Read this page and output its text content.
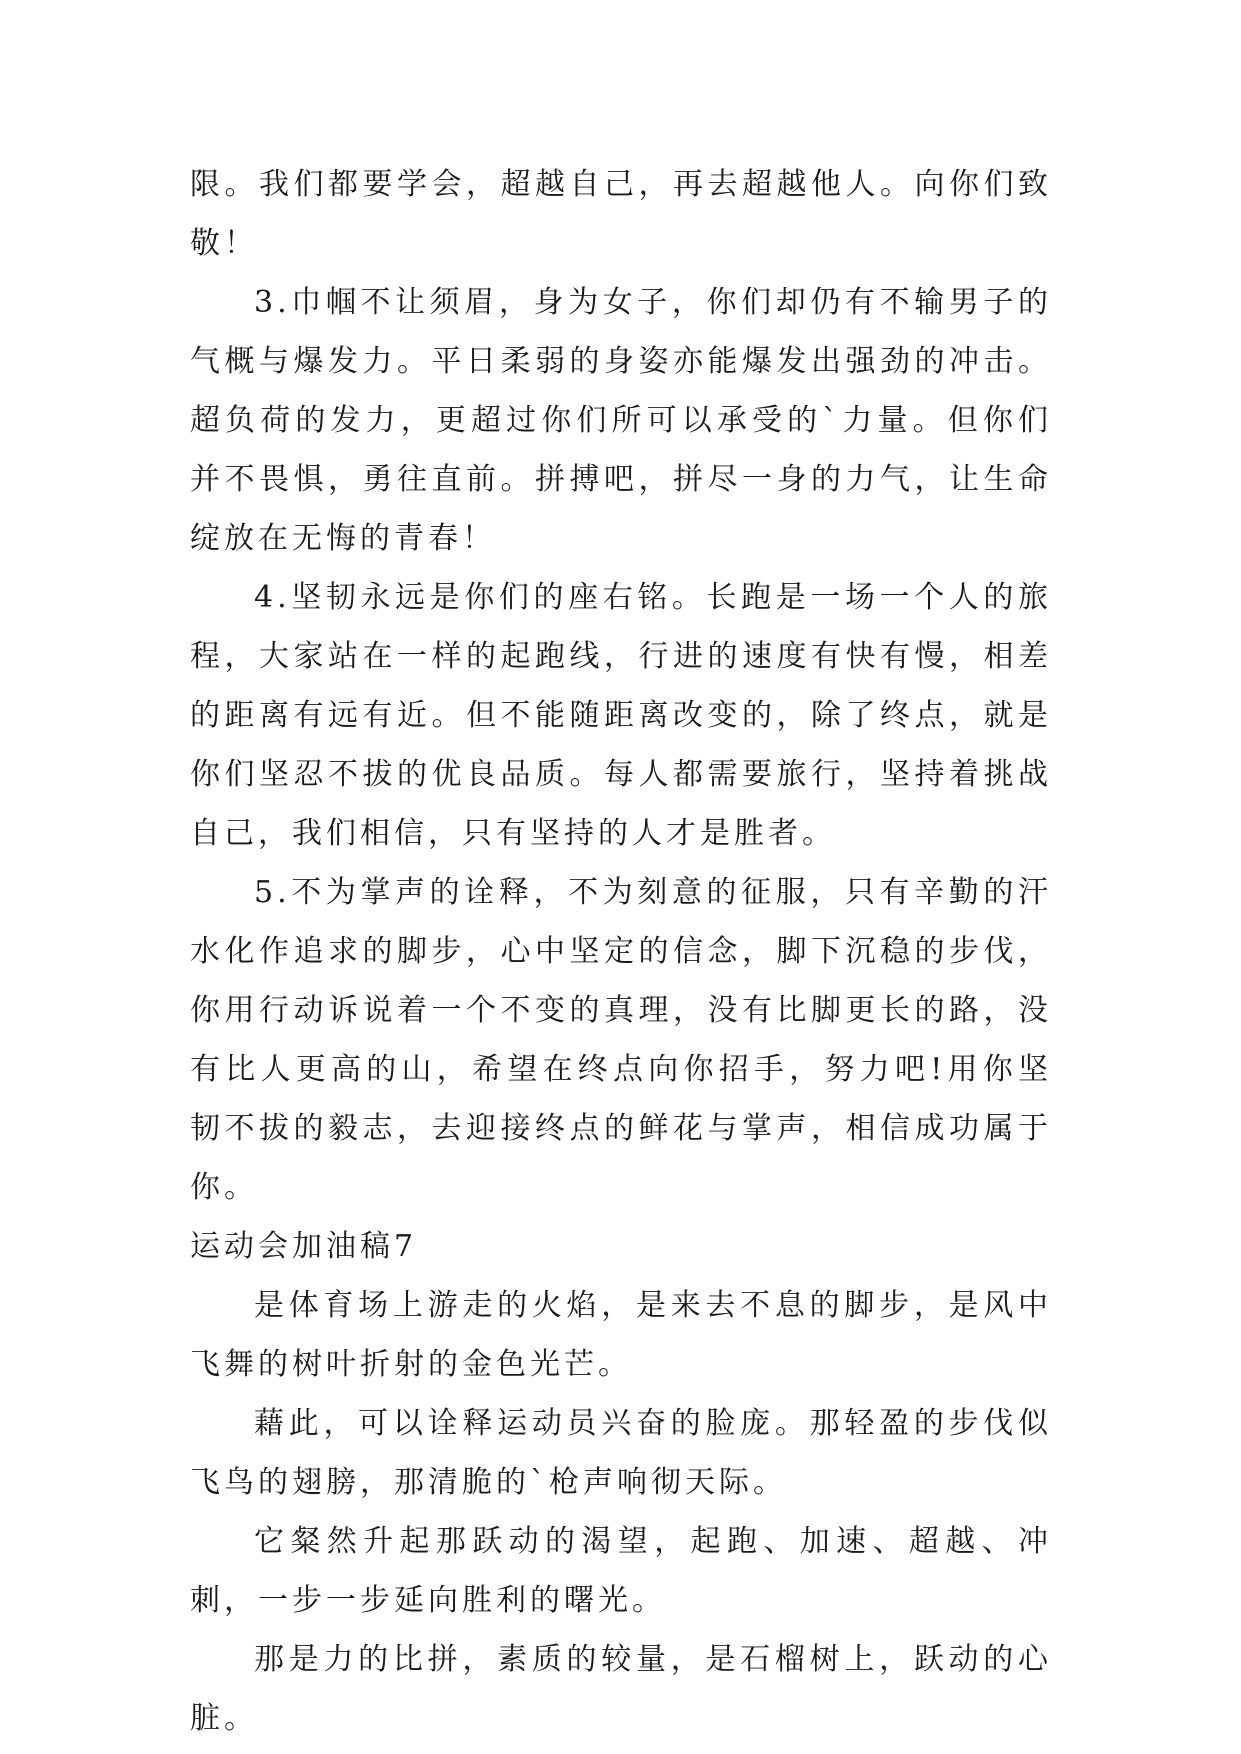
限。我们都要学会，超越自己，再去超越他人。向你们致敬！

3.巾帼不让须眉，身为女子，你们却仍有不输男子的气概与爆发力。平日柔弱的身姿亦能爆发出强劲的冲击。超负荷的发力，更超过你们所可以承受的`力量。但你们并不畏惧，勇往直前。拼搏吧，拼尽一身的力气，让生命绽放在无悔的青春！

4.坚韧永远是你们的座右铭。长跑是一场一个人的旅程，大家站在一样的起跑线，行进的速度有快有慢，相差的距离有远有近。但不能随距离改变的，除了终点，就是你们坚忍不拔的优良品质。每人都需要旅行，坚持着挑战自己，我们相信，只有坚持的人才是胜者。

5.不为掌声的诠释，不为刻意的征服，只有辛勤的汗水化作追求的脚步，心中坚定的信念，脚下沉稳的步伐，你用行动诉说着一个不变的真理，没有比脚更长的路，没有比人更高的山，希望在终点向你招手，努力吧!用你坚韧不拔的毅志，去迎接终点的鲜花与掌声，相信成功属于你。

运动会加油稿7

是体育场上游走的火焰，是来去不息的脚步，是风中飞舞的树叶折射的金色光芒。

藉此，可以诠释运动员兴奋的脸庞。那轻盈的步伐似飞鸟的翅膀，那清脆的`枪声响彻天际。

它粲然升起那跃动的渴望，起跑、加速、超越、冲刺，一步一步延向胜利的曙光。

那是力的比拼，素质的较量，是石榴树上，跃动的心脏。
